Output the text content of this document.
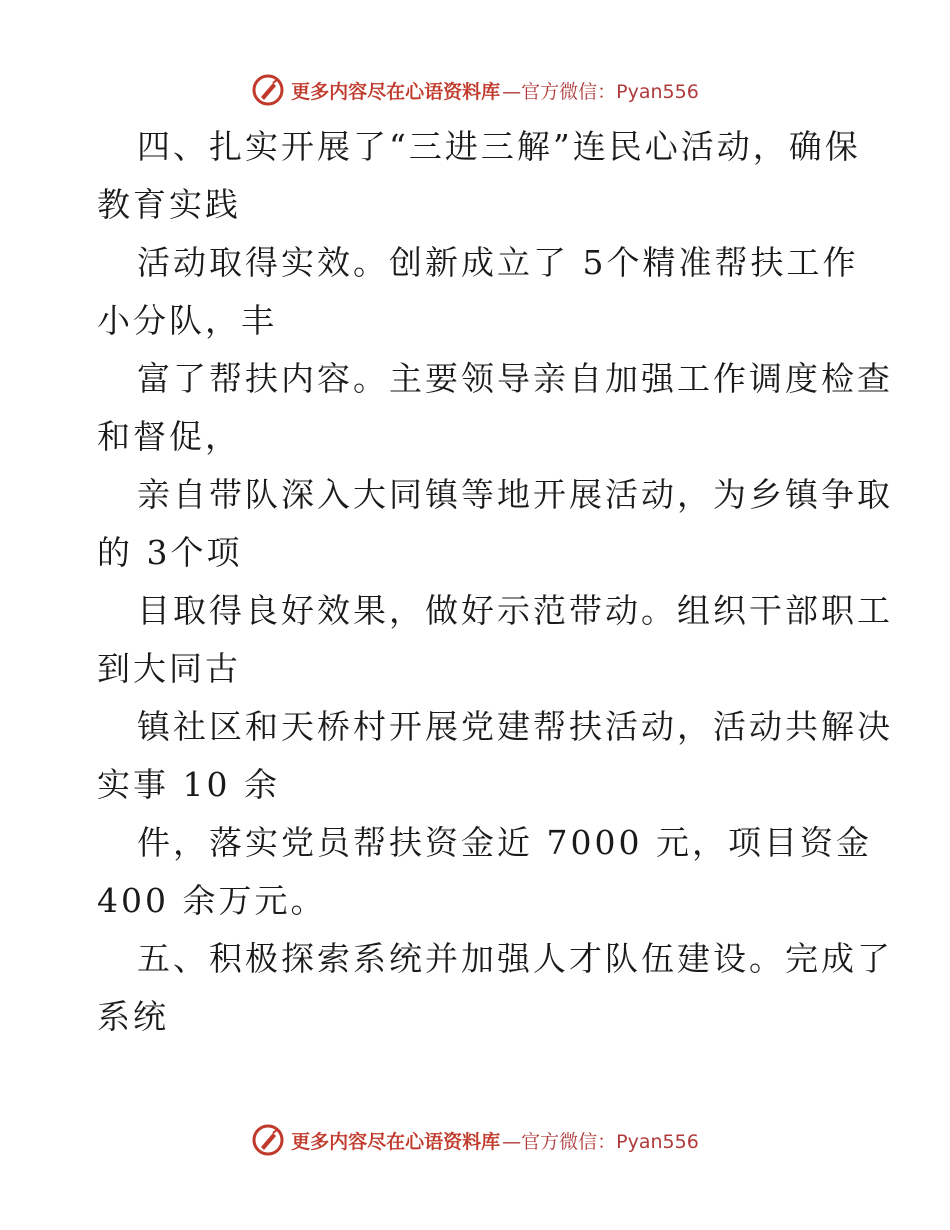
更多内容尽在心语资料库 —官方微信：Pyan556
四、扎实开展了“三进三解”连民心活动，确保
教育实践
活动取得实效。创新成立了 5个精准帮扶工作
小分队，丰
富了帮扶内容。主要领导亲自加强工作调度检查
和督促，
亲自带队深入大同镇等地开展活动，为乡镇争取
的 3个项
目取得良好效果，做好示范带动。组织干部职工
到大同古
镇社区和天桥村开展党建帮扶活动，活动共解决
实事 10 余
件，落实党员帮扶资金近 7000 元，项目资金
400 余万元。
五、积极探索系统并加强人才队伍建设。完成了
系统
更多内容尽在心语资料库 —官方微信：Pyan556
